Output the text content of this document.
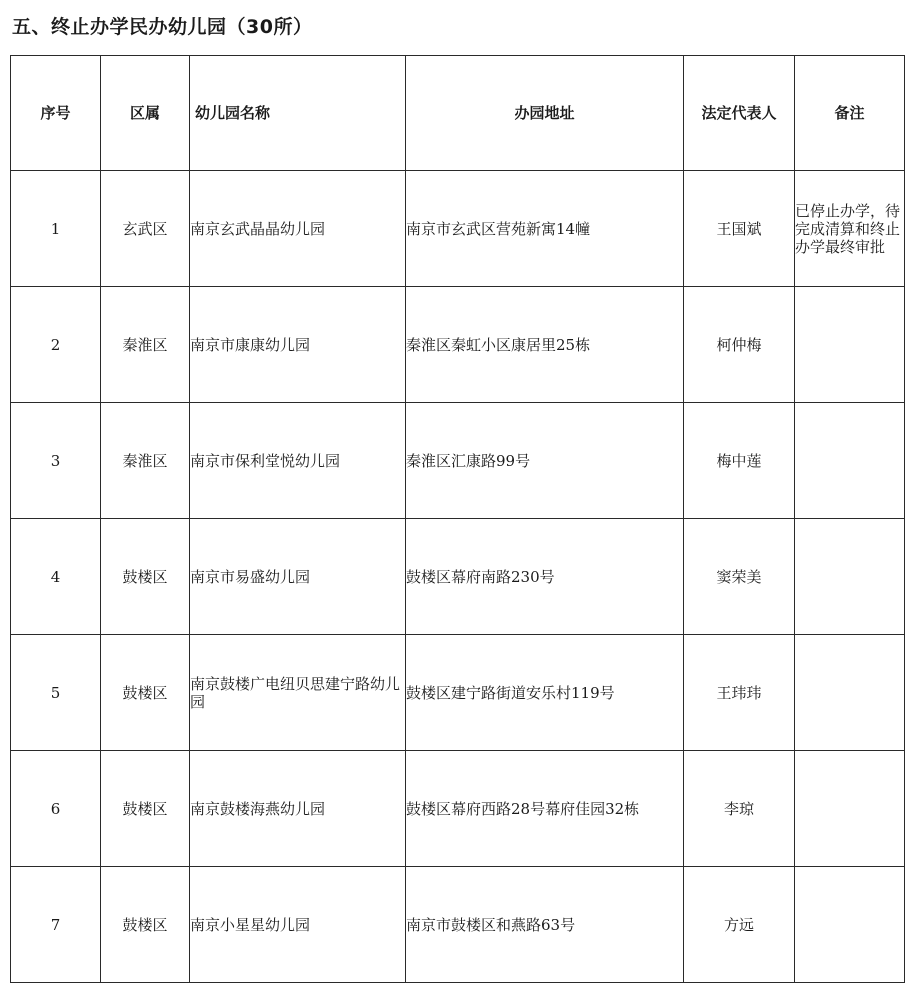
五、终止办学民办幼儿园（30所）
序号	区属	幼儿园名称	办园地址	法定代表人	备注
1	玄武区	南京玄武晶晶幼儿园	南京市玄武区营苑新寓14幢	王国斌	已停止办学，待完成清算和终止办学最终审批
2	秦淮区	南京市康康幼儿园	秦淮区秦虹小区康居里25栋	柯仲梅	
3	秦淮区	南京市保利堂悦幼儿园	秦淮区汇康路99号	梅中莲	
4	鼓楼区	南京市易盛幼儿园	鼓楼区幕府南路230号	窦荣美	
5	鼓楼区	南京鼓楼广电纽贝思建宁路幼儿园	鼓楼区建宁路街道安乐村119号	王玮玮	
6	鼓楼区	南京鼓楼海燕幼儿园	鼓楼区幕府西路28号幕府佳园32栋	李琼	
7	鼓楼区	南京小星星幼儿园	南京市鼓楼区和燕路63号	方远	
